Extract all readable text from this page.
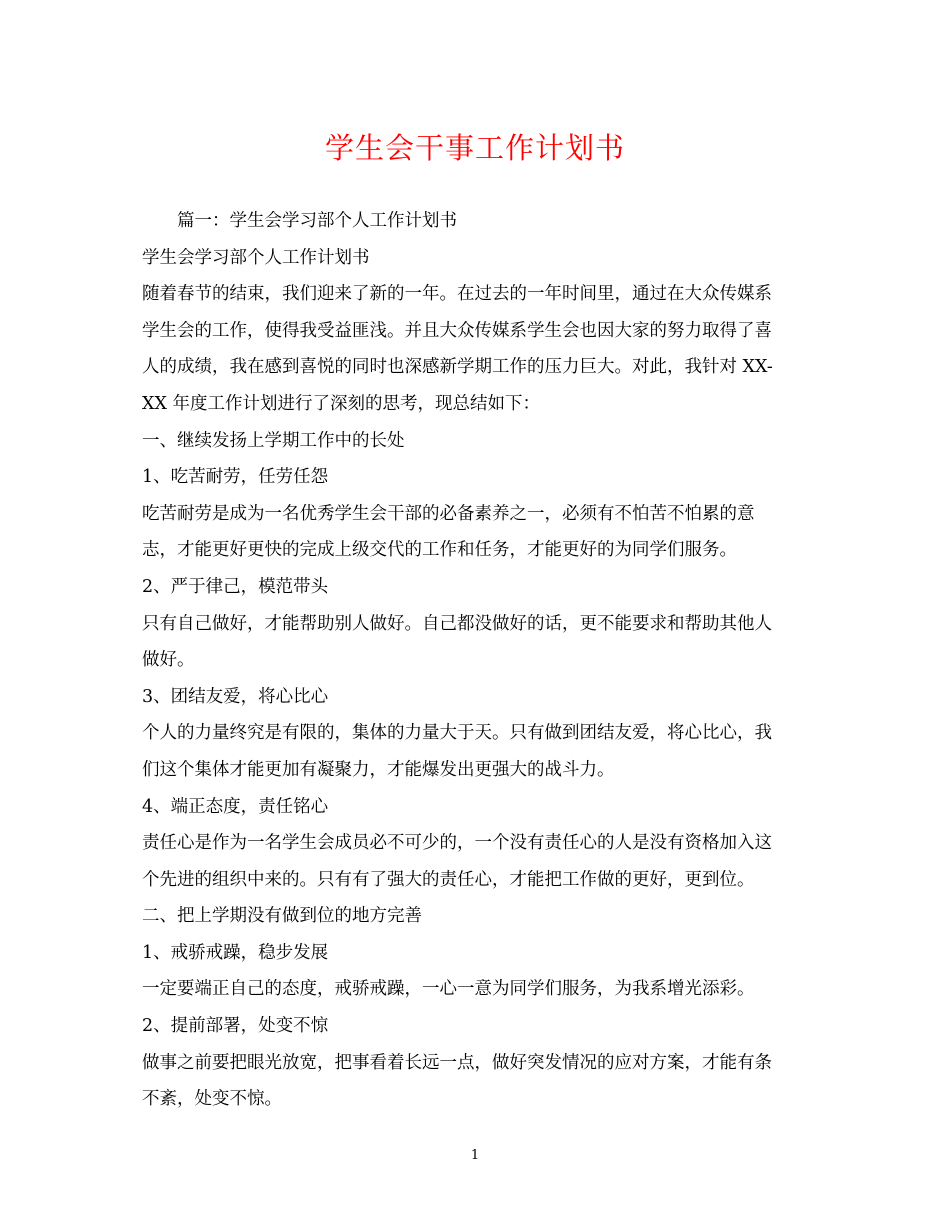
学生会干事工作计划书
篇一：学生会学习部个人工作计划书
学生会学习部个人工作计划书
随着春节的结束，我们迎来了新的一年。在过去的一年时间里，通过在大众传媒系
学生会的工作，使得我受益匪浅。并且大众传媒系学生会也因大家的努力取得了喜
人的成绩，我在感到喜悦的同时也深感新学期工作的压力巨大。对此，我针对 XX-
XX 年度工作计划进行了深刻的思考，现总结如下：
一、继续发扬上学期工作中的长处
1、吃苦耐劳，任劳任怨
吃苦耐劳是成为一名优秀学生会干部的必备素养之一，必须有不怕苦不怕累的意
志，才能更好更快的完成上级交代的工作和任务，才能更好的为同学们服务。
2、严于律己，模范带头
只有自己做好，才能帮助别人做好。自己都没做好的话，更不能要求和帮助其他人
做好。
3、团结友爱，将心比心
个人的力量终究是有限的，集体的力量大于天。只有做到团结友爱，将心比心，我
们这个集体才能更加有凝聚力，才能爆发出更强大的战斗力。
4、端正态度，责任铭心
责任心是作为一名学生会成员必不可少的，一个没有责任心的人是没有资格加入这
个先进的组织中来的。只有有了强大的责任心，才能把工作做的更好，更到位。
二、把上学期没有做到位的地方完善
1、戒骄戒躁，稳步发展
一定要端正自己的态度，戒骄戒躁，一心一意为同学们服务，为我系增光添彩。
2、提前部署，处变不惊
做事之前要把眼光放宽，把事看着长远一点，做好突发情况的应对方案，才能有条
不紊，处变不惊。
1
